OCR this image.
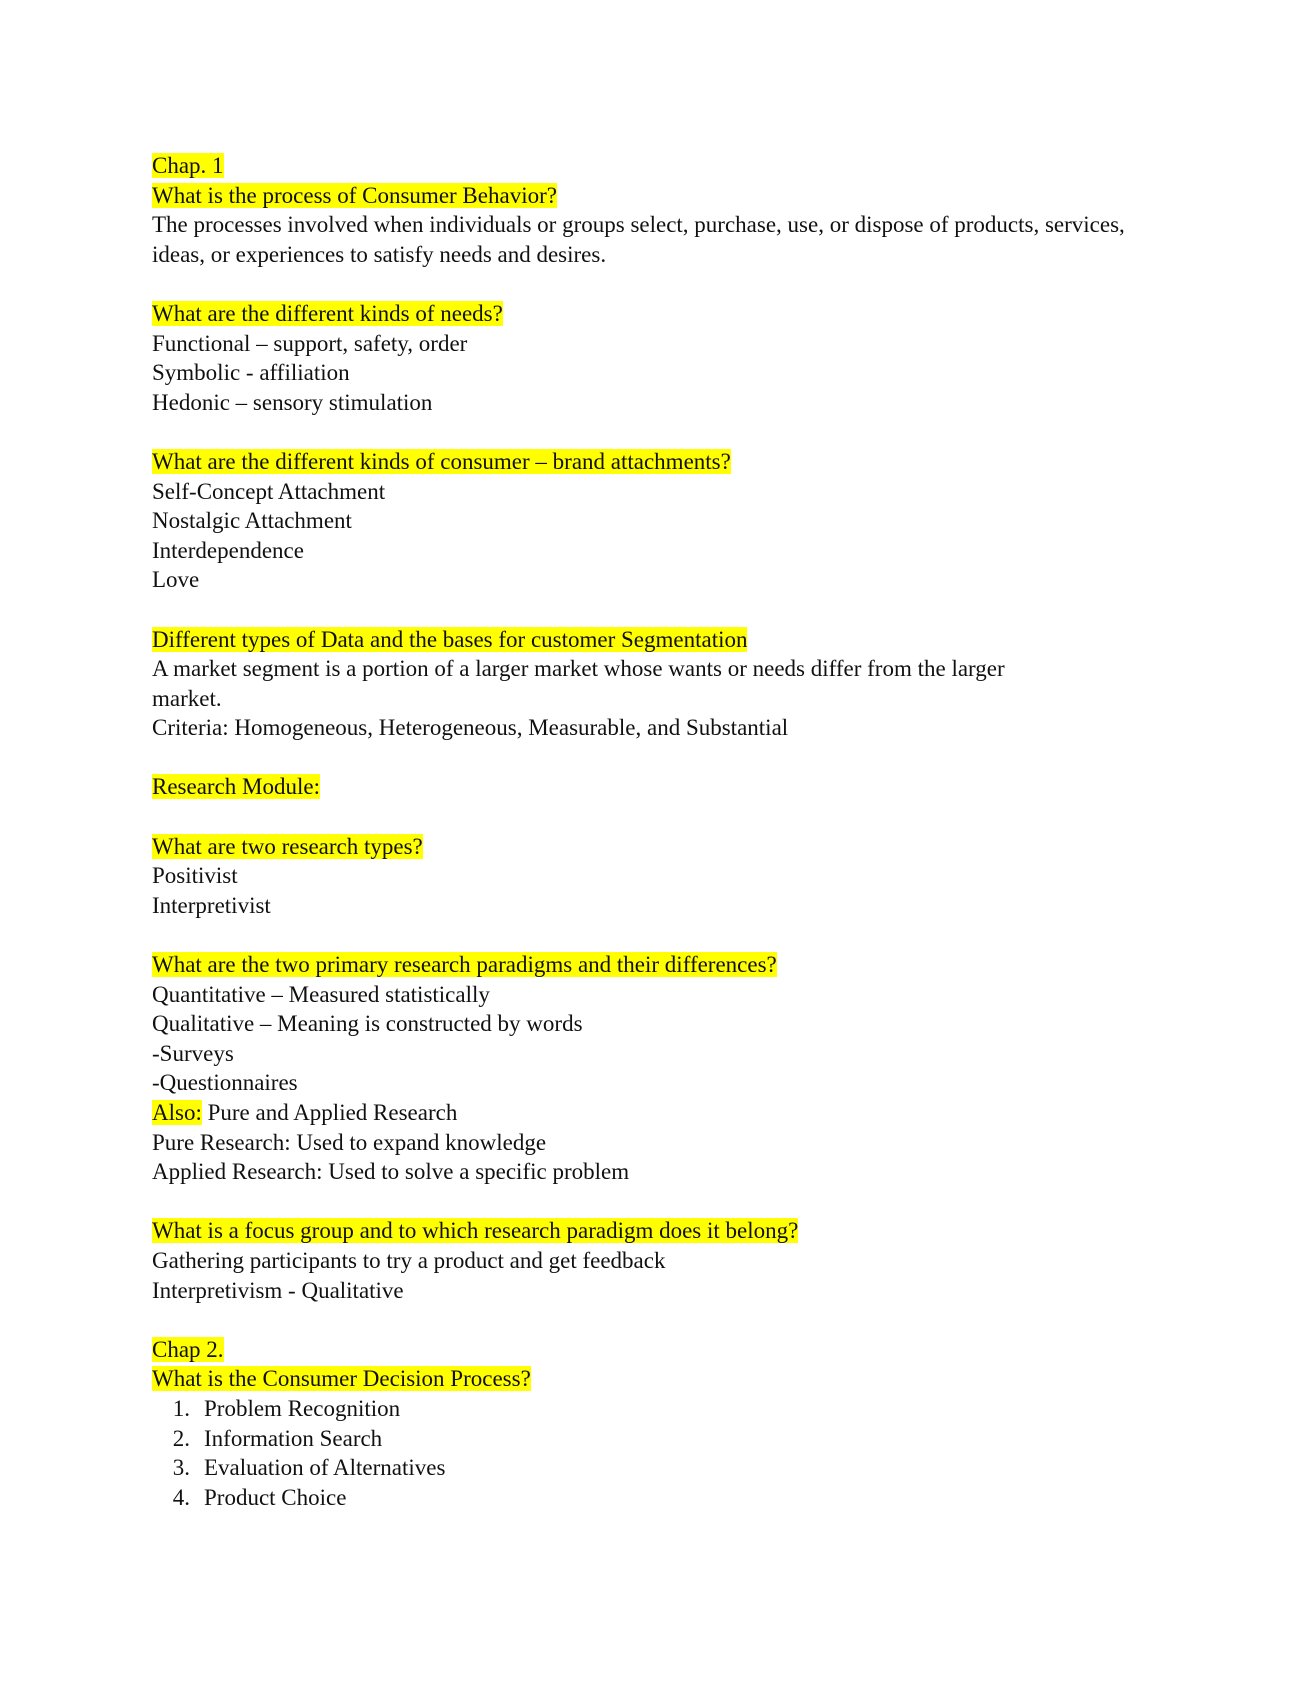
Chap. 1
What is the process of Consumer Behavior?
The processes involved when individuals or groups select, purchase, use, or dispose of products, services, ideas, or experiences to satisfy needs and desires.
What are the different kinds of needs?
Functional – support, safety, order
Symbolic - affiliation
Hedonic – sensory stimulation
What are the different kinds of consumer – brand attachments?
Self-Concept Attachment
Nostalgic Attachment
Interdependence
Love
Different types of Data and the bases for customer Segmentation
A market segment is a portion of a larger market whose wants or needs differ from the larger market.
Criteria: Homogeneous, Heterogeneous, Measurable, and Substantial
Research Module:
What are two research types?
Positivist
Interpretivist
What are the two primary research paradigms and their differences?
Quantitative – Measured statistically
Qualitative – Meaning is constructed by words
-Surveys
-Questionnaires
Also: Pure and Applied Research
Pure Research: Used to expand knowledge
Applied Research: Used to solve a specific problem
What is a focus group and to which research paradigm does it belong?
Gathering participants to try a product and get feedback
Interpretivism - Qualitative
Chap 2.
What is the Consumer Decision Process?
1. Problem Recognition
2. Information Search
3. Evaluation of Alternatives
4. Product Choice
